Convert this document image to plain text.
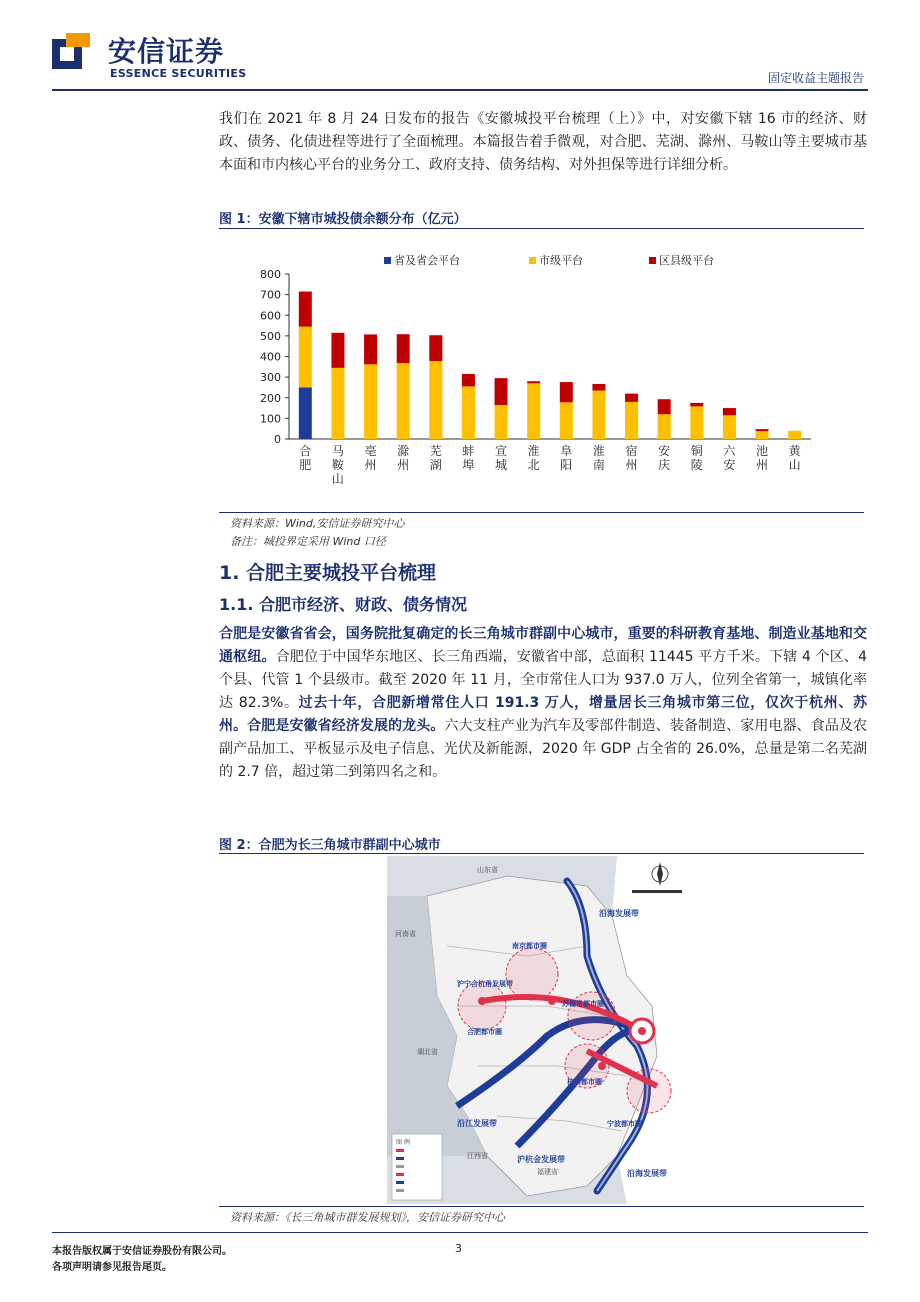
安信证券
ESSENCE SECURITIES	固定收益主题报告
我们在 2021 年 8 月 24 日发布的报告《安徽城投平台梳理（上）》中，对安徽下辖 16 市的经济、财政、债务、化债进程等进行了全面梳理。本篇报告着手微观，对合肥、芜湖、滁州、马鞍山等主要城市基本面和市内核心平台的业务分工、政府支持、债务结构、对外担保等进行详细分析。
图 1：安徽下辖市城投债余额分布（亿元）
0
100
200
300
400
500
600
700
800
合
肥
马
鞍
山
亳
州
滁
州
芜
湖
蚌
埠
宣
城
淮
北
阜
阳
淮
南
宿
州
安
庆
铜
陵
六
安
池
州
黄
山
省及省会平台	市级平台	区县级平台
资料来源：Wind,安信证券研究中心
备注：城投界定采用 Wind 口径
1. 合肥主要城投平台梳理
1.1. 合肥市经济、财政、债务情况
合肥是安徽省省会，国务院批复确定的长三角城市群副中心城市，重要的科研教育基地、制造业基地和交通枢纽。合肥位于中国华东地区、长三角西端，安徽省中部，总面积 11445 平方千米。下辖 4 个区、4 个县、代管 1 个县级市。截至 2020 年 11 月，全市常住人口为 937.0 万人，位列全省第一，城镇化率达 82.3%。过去十年，合肥新增常住人口 191.3 万人，增量居长三角城市第三位，仅次于杭州、苏州。合肥是安徽省经济发展的龙头。六大支柱产业为汽车及零部件制造、装备制造、家用电器、食品及农副产品加工、平板显示及电子信息、光伏及新能源，2020 年 GDP 占全省的 26.0%，总量是第二名芜湖的 2.7 倍，超过第二到第四名之和。
图 2：合肥为长三角城市群副中心城市
山东省
河南省
湖北省
江西省
福建省
南京都市圈
沪宁合杭甬发展带
合肥都市圈
苏锡常都市圈
杭州都市圈
宁波都市圈
沿海发展带
沿海发展带
沿江发展带
沪杭金发展带
图 例
资料来源：《长三角城市群发展规划》，安信证券研究中心
本报告版权属于安信证券股份有限公司。
各项声明请参见报告尾页。
3
